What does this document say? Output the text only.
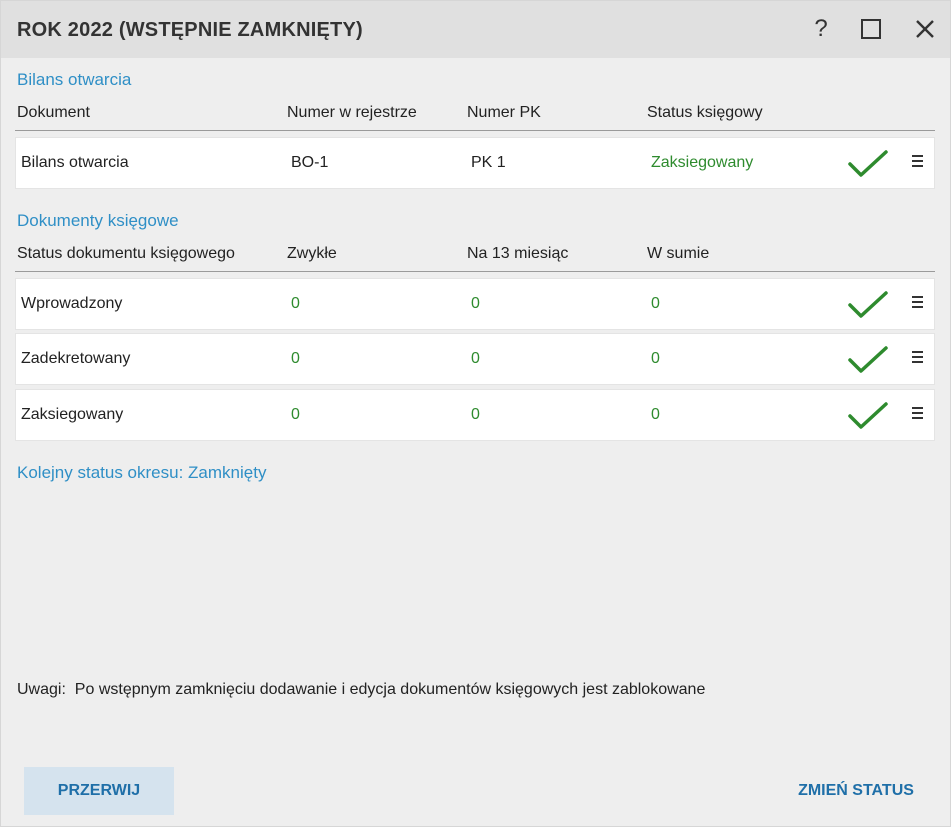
ROK 2022 (WSTĘPNIE ZAMKNIĘTY)	?
Bilans otwarcia
Dokument	Numer w rejestrze	Numer PK	Status księgowy
Bilans otwarcia	BO-1	PK 1	Zaksiegowany
Dokumenty księgowe
Status dokumentu księgowego	Zwykłe	Na 13 miesiąc	W sumie
Wprowadzony	0	0	0
Zadekretowany	0	0	0
Zaksiegowany	0	0	0
Kolejny status okresu: Zamknięty
Uwagi:  Po wstępnym zamknięciu dodawanie i edycja dokumentów księgowych jest zablokowane
PRZERWIJ	ZMIEŃ STATUS
